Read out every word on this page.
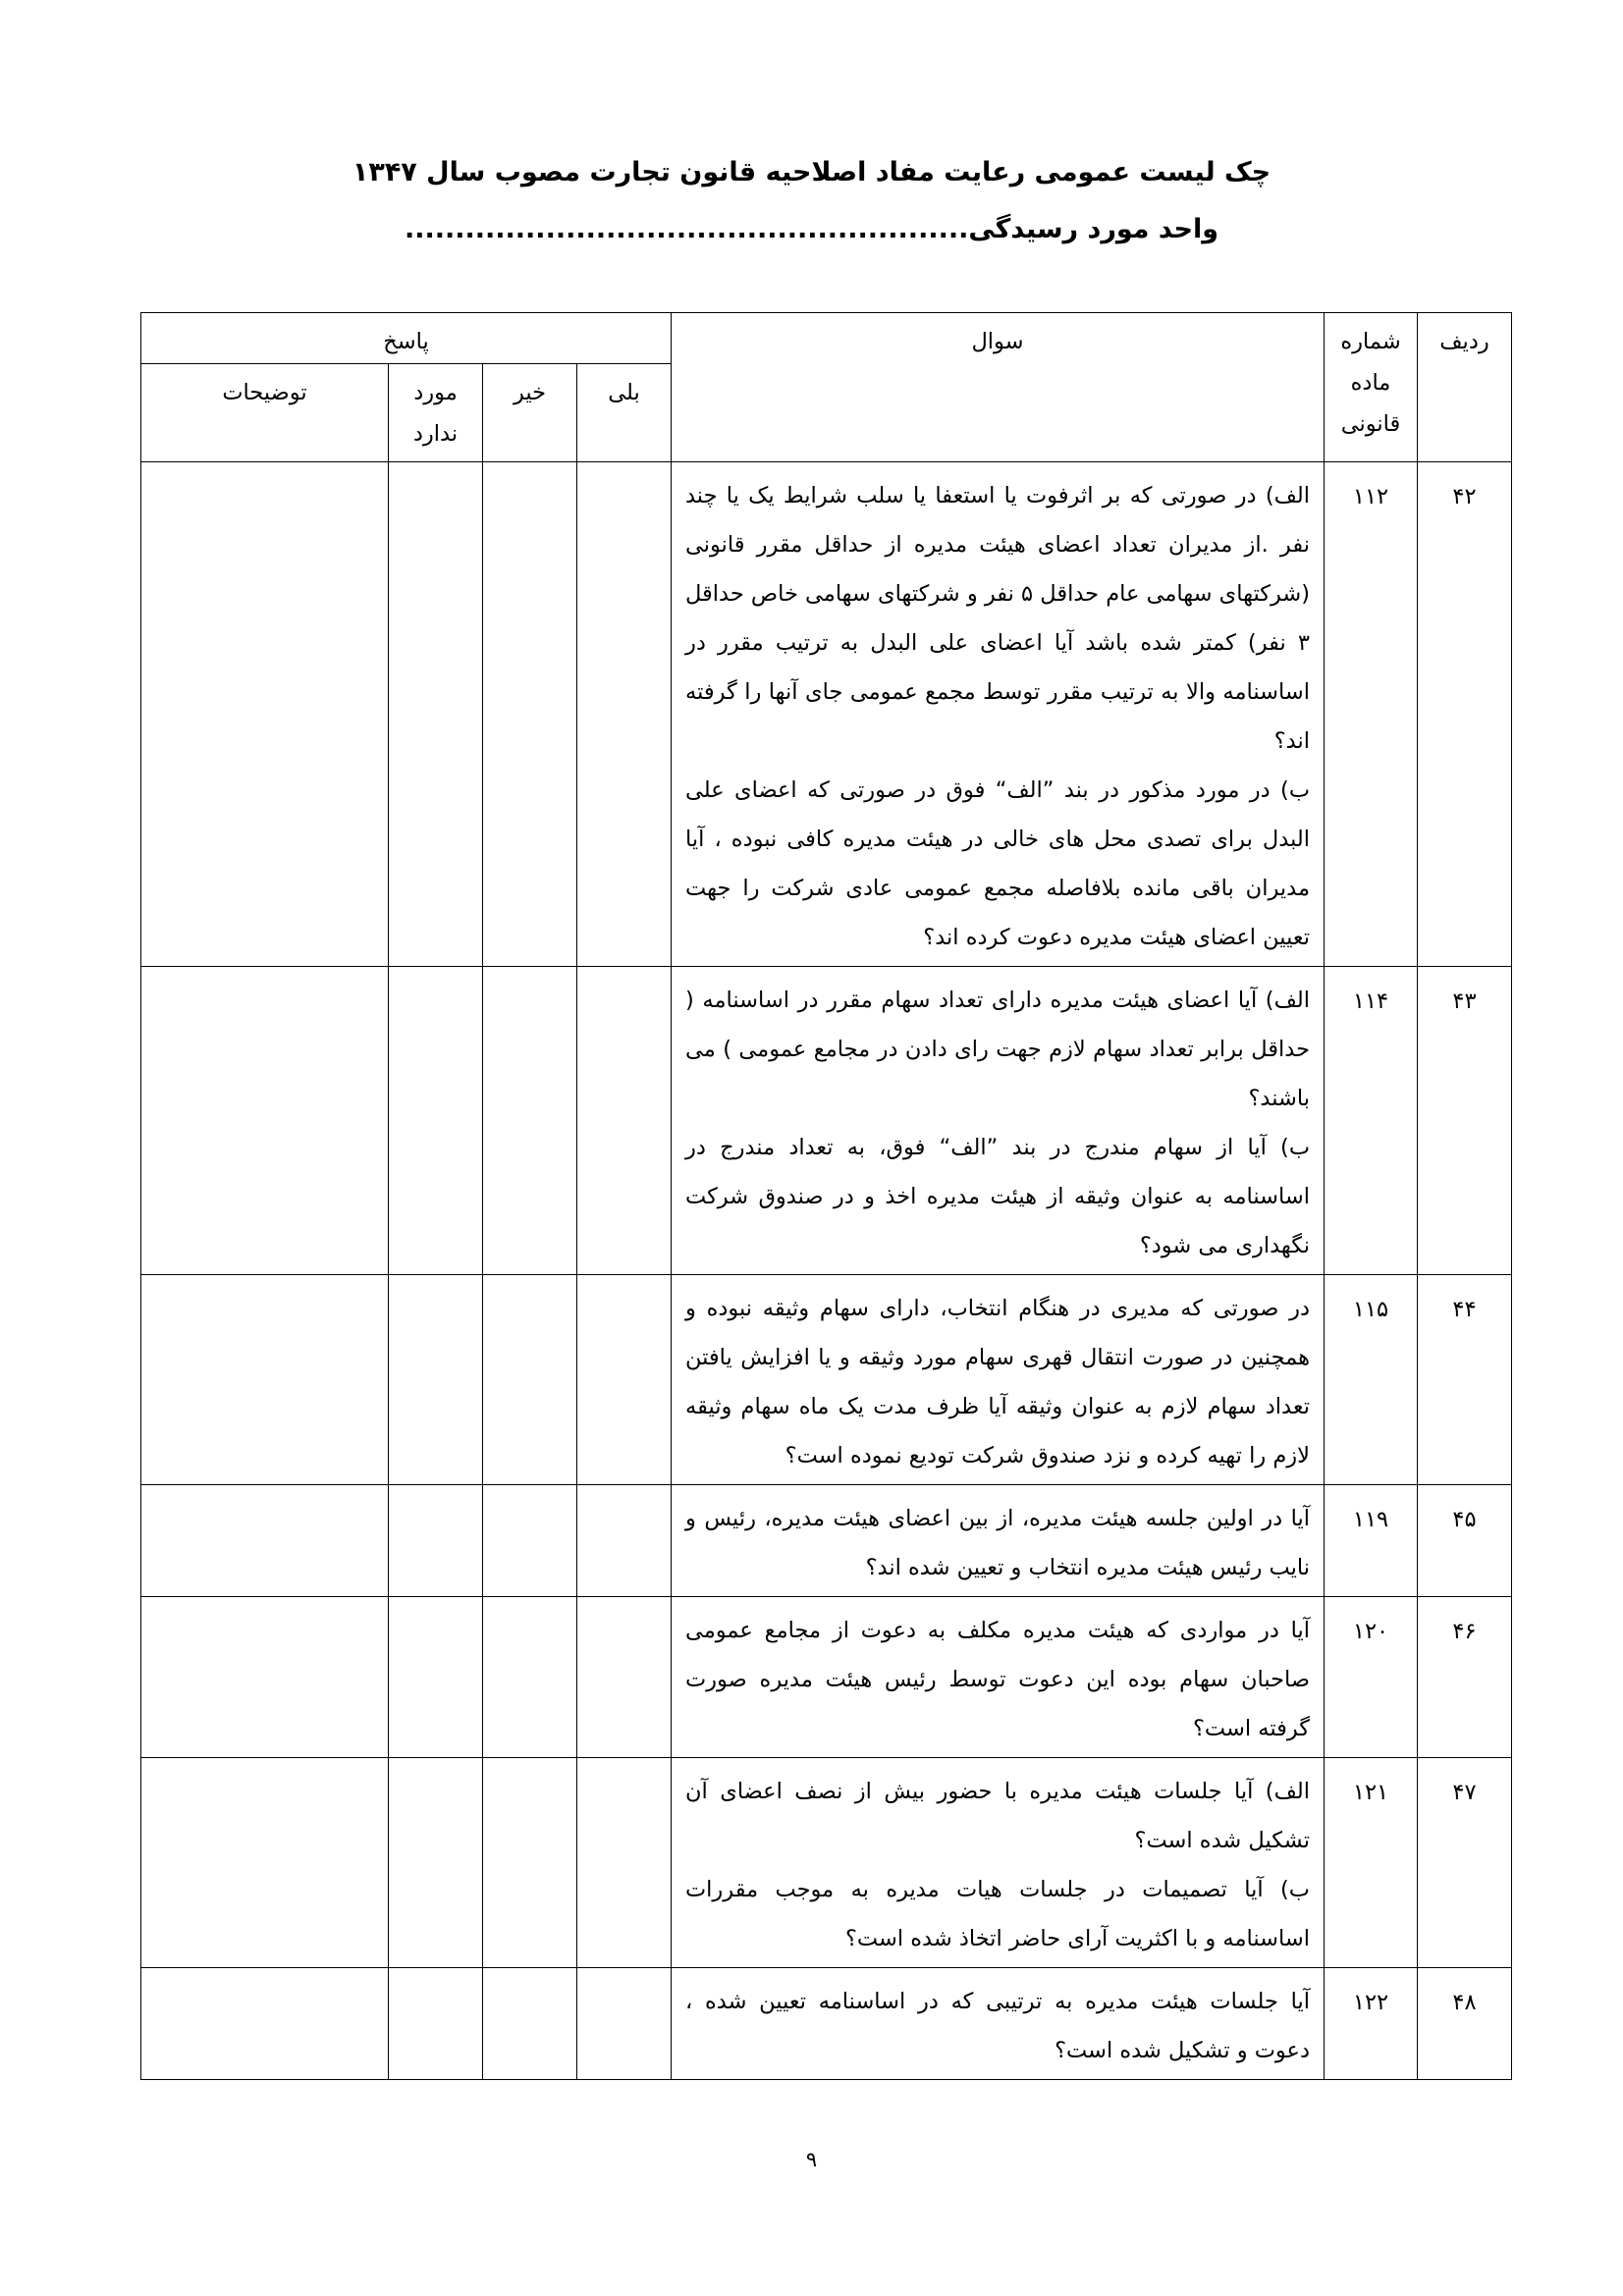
چک لیست عمومی رعایت مفاد اصلاحیه قانون تجارت مصوب سال ۱۳۴۷
واحد مورد رسیدگی........................................................
ردیف	شماره ماده قانونی	سوال	پاسخ			

			بلی	خیر	مورد ندارد	توضیحات

۴۲	۱۱۲	الف) در صورتی که بر اثرفوت یا استعفا یا سلب شرایط یک یا چند نفر .از مدیران تعداد اعضای هیئت مدیره از حداقل مقرر قانونی (شرکتهای سهامی عام حداقل ۵ نفر و شرکتهای سهامی خاص حداقل ۳ نفر) کمتر شده باشد آیا اعضای علی البدل به ترتیب مقرر در اساسنامه والا به ترتیب مقرر توسط مجمع عمومی جای آنها را گرفته اند؟

ب) در مورد مذکور در بند ”الف“ فوق در صورتی که اعضای علی البدل برای تصدی محل های خالی در هیئت مدیره کافی نبوده ، آیا مدیران باقی مانده بلافاصله مجمع عمومی عادی شرکت را جهت تعیین اعضای هیئت مدیره دعوت کرده اند؟				

۴۳	۱۱۴	الف) آیا اعضای هیئت مدیره دارای تعداد سهام مقرر در اساسنامه ( حداقل برابر تعداد سهام لازم جهت رای دادن در مجامع عمومی ) می باشند؟

ب) آیا از سهام مندرج در بند ”الف“ فوق، به تعداد مندرج در اساسنامه به عنوان وثیقه از هیئت مدیره اخذ و در صندوق شرکت نگهداری می شود؟				

۴۴	۱۱۵	در صورتی که مدیری در هنگام انتخاب، دارای سهام وثیقه نبوده و همچنین در صورت انتقال قهری سهام مورد وثیقه و یا افزایش یافتن تعداد سهام لازم به عنوان وثیقه آیا ظرف مدت یک ماه سهام وثیقه لازم را تهیه کرده و نزد صندوق شرکت تودیع نموده است؟				

۴۵	۱۱۹	آیا در اولین جلسه هیئت مدیره، از بین اعضای هیئت مدیره، رئیس و نایب رئیس هیئت مدیره انتخاب و تعیین شده اند؟				

۴۶	۱۲۰	آیا در مواردی که هیئت مدیره مکلف به دعوت از مجامع عمومی صاحبان سهام بوده این دعوت توسط رئیس هیئت مدیره صورت گرفته است؟				

۴۷	۱۲۱	الف) آیا جلسات هیئت مدیره با حضور بیش از نصف اعضای آن تشکیل شده است؟

ب) آیا تصمیمات در جلسات هیات مدیره به موجب مقررات اساسنامه و با اکثریت آرای حاضر اتخاذ شده است؟				

۴۸	۱۲۲	آیا جلسات هیئت مدیره به ترتیبی که در اساسنامه تعیین شده ، دعوت و تشکیل شده است؟				

۹
